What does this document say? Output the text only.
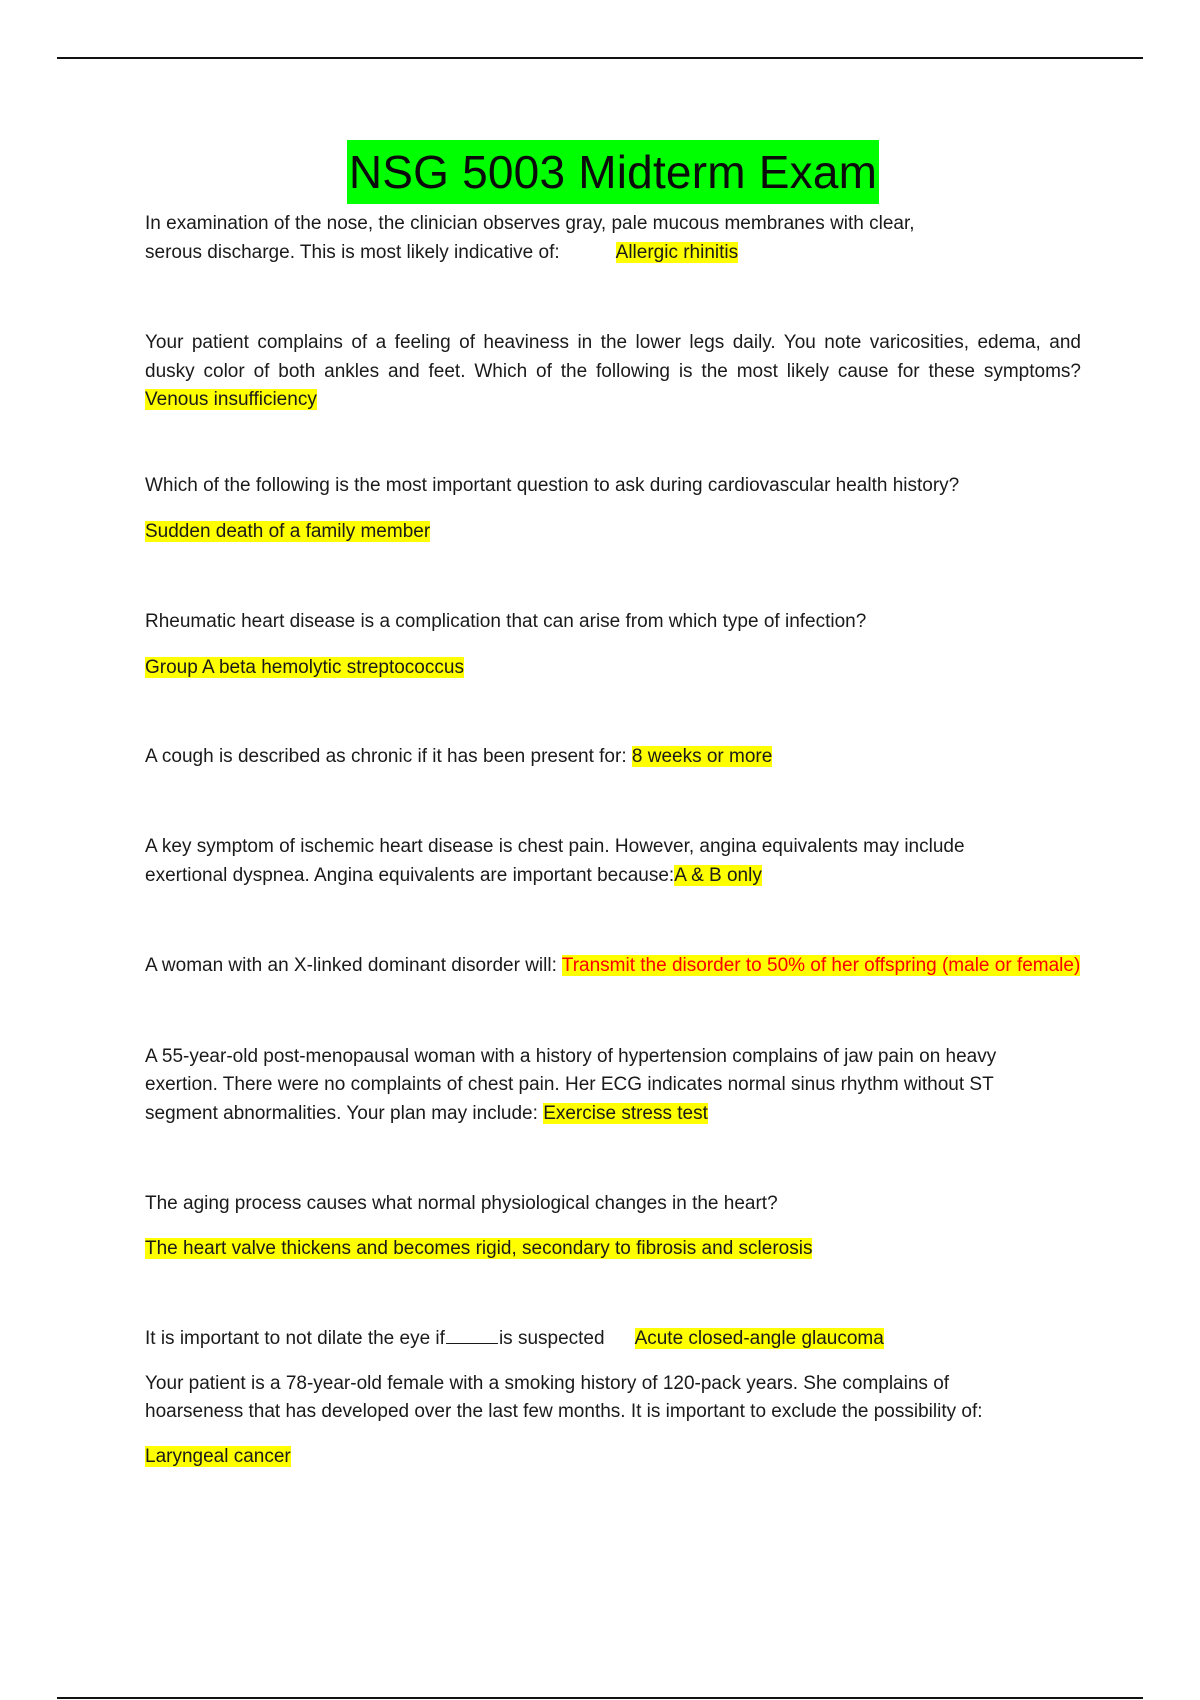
NSG 5003 Midterm Exam

In examination of the nose, the clinician observes gray, pale mucous membranes with clear,
serous discharge. This is most likely indicative of:	Allergic rhinitis

Your patient complains of a feeling of heaviness in the lower legs daily. You note varicosities, edema, and dusky color of both ankles and feet. Which of the following is the most likely cause for these symptoms? Venous insufficiency

Which of the following is the most important question to ask during cardiovascular health history?

Sudden death of a family member

Rheumatic heart disease is a complication that can arise from which type of infection?

Group A beta hemolytic streptococcus

A cough is described as chronic if it has been present for: 8 weeks or more

A key symptom of ischemic heart disease is chest pain. However, angina equivalents may include
exertional dyspnea. Angina equivalents are important because:A & B only

A woman with an X-linked dominant disorder will: Transmit the disorder to 50% of her offspring (male or female)

A 55-year-old post-menopausal woman with a history of hypertension complains of jaw pain on heavy
exertion. There were no complaints of chest pain. Her ECG indicates normal sinus rhythm without ST
segment abnormalities. Your plan may include: Exercise stress test

The aging process causes what normal physiological changes in the heart?

The heart valve thickens and becomes rigid, secondary to fibrosis and sclerosis

It is important to not dilate the eye if	is suspected Acute closed-angle glaucoma

Your patient is a 78-year-old female with a smoking history of 120-pack years. She complains of
hoarseness that has developed over the last few months. It is important to exclude the possibility of:

Laryngeal cancer
